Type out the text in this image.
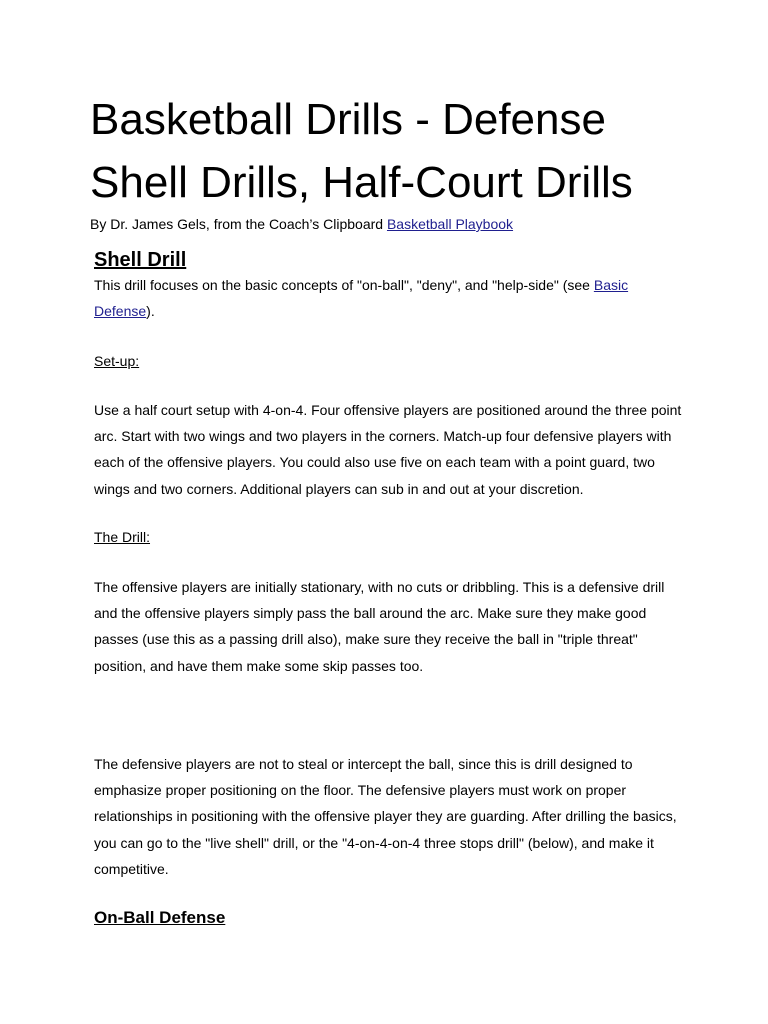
Basketball Drills - Defense
Shell Drills, Half-Court Drills
By Dr. James Gels, from the Coach’s Clipboard Basketball Playbook
Shell Drill

This drill focuses on the basic concepts of "on-ball", "deny", and "help-side" (see Basic Defense).

Set-up:

Use a half court setup with 4-on-4. Four offensive players are positioned around the three point arc. Start with two wings and two players in the corners. Match-up four defensive players with each of the offensive players. You could also use five on each team with a point guard, two wings and two corners. Additional players can sub in and out at your discretion.

The Drill:

The offensive players are initially stationary, with no cuts or dribbling. This is a defensive drill and the offensive players simply pass the ball around the arc. Make sure they make good passes (use this as a passing drill also), make sure they receive the ball in "triple threat" position, and have them make some skip passes too.

The defensive players are not to steal or intercept the ball, since this is drill designed to emphasize proper positioning on the floor. The defensive players must work on proper relationships in positioning with the offensive player they are guarding. After drilling the basics, you can go to the "live shell" drill, or the "4-on-4-on-4 three stops drill" (below), and make it competitive.

On-Ball Defense
